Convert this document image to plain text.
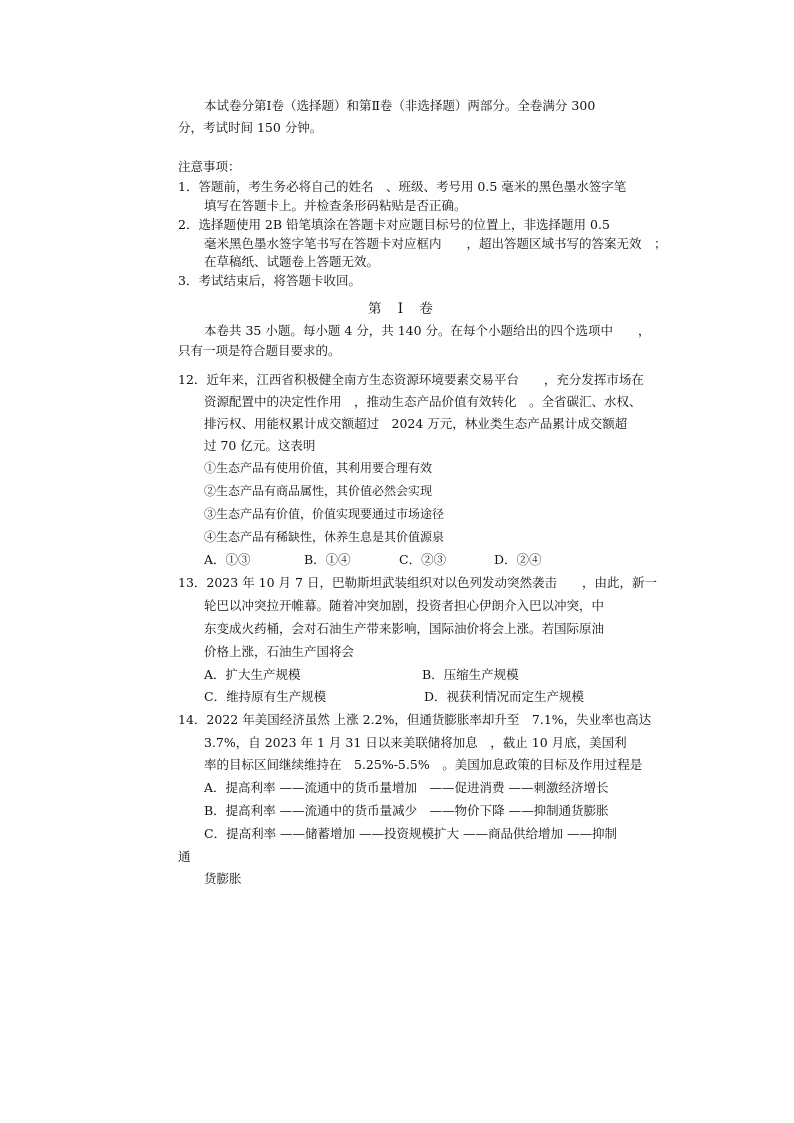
本试卷分第Ⅰ卷（选择题）和第Ⅱ卷（非选择题）两部分。全卷满分 300
分，考试时间 150 分钟。
注意事项：
1．答题前，考生务必将自己的姓名　、班级、考号用 0.5 毫米的黑色墨水签字笔
填写在答题卡上。并检查条形码粘贴是否正确。
2．选择题使用 2B 铅笔填涂在答题卡对应题目标号的位置上，非选择题用 0.5
毫米黑色墨水签字笔书写在答题卡对应框内　　，超出答题区域书写的答案无效　；
在草稿纸、试题卷上答题无效。
3．考试结束后，将答题卡收回。
第 Ⅰ 卷
本卷共 35 小题。每小题 4 分，共 140 分。在每个小题给出的四个选项中　　，
只有一项是符合题目要求的。
12．近年来，江西省积极健全南方生态资源环境要素交易平台　　，充分发挥市场在
资源配置中的决定性作用　，推动生态产品价值有效转化　。全省碳汇、水权、
排污权、用能权累计成交额超过　2024 万元，林业类生态产品累计成交额超
过 70 亿元。这表明
①生态产品有使用价值，其利用要合理有效
②生态产品有商品属性，其价值必然会实现
③生态产品有价值，价值实现要通过市场途径
④生态产品有稀缺性，休养生息是其价值源泉
A．①③	B．①④	C．②③	D．②④
13．2023 年 10 月 7 日，巴勒斯坦武装组织对以色列发动突然袭击　　，由此，新一
轮巴以冲突拉开帷幕。随着冲突加剧，投资者担心伊朗介入巴以冲突，中
东变成火药桶，会对石油生产带来影响，国际油价将会上涨。若国际原油
价格上涨，石油生产国将会
A．扩大生产规模	B．压缩生产规模
C．维持原有生产规模	D．视获利情况而定生产规模
14．2022 年美国经济虽然 上涨 2.2%，但通货膨胀率却升至　7.1%，失业率也高达
3.7%，自 2023 年 1 月 31 日以来美联储将加息　，截止 10 月底，美国利
率的目标区间继续维持在　5.25%-5.5%　。美国加息政策的目标及作用过程是
A．提高利率 ——流通中的货币量增加　——促进消费 ——刺激经济增长
B．提高利率 ——流通中的货币量减少　——物价下降 ——抑制通货膨胀
C．提高利率 ——储蓄增加 ——投资规模扩大 ——商品供给增加 ——抑制
通
货膨胀
